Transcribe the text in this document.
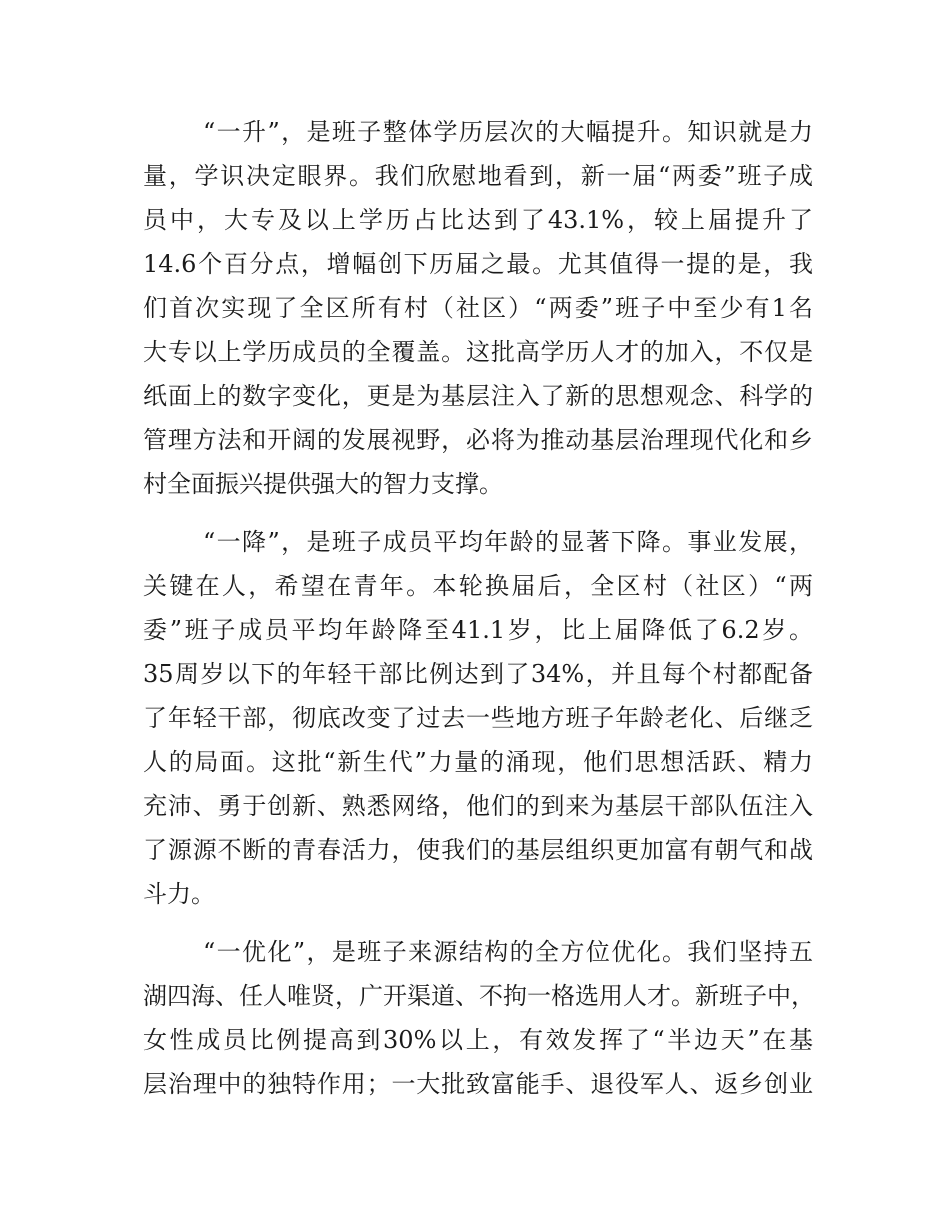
“一升”，是班子整体学历层次的大幅提升。知识就是力
量，学识决定眼界。我们欣慰地看到，新一届“两委”班子成
员中，大专及以上学历占比达到了43.1%，较上届提升了
14.6个百分点，增幅创下历届之最。尤其值得一提的是，我
们首次实现了全区所有村（社区）“两委”班子中至少有1名
大专以上学历成员的全覆盖。这批高学历人才的加入，不仅是
纸面上的数字变化，更是为基层注入了新的思想观念、科学的
管理方法和开阔的发展视野，必将为推动基层治理现代化和乡
村全面振兴提供强大的智力支撑。

“一降”，是班子成员平均年龄的显著下降。事业发展，
关键在人，希望在青年。本轮换届后，全区村（社区）“两
委”班子成员平均年龄降至41.1岁，比上届降低了6.2岁。
35周岁以下的年轻干部比例达到了34%，并且每个村都配备
了年轻干部，彻底改变了过去一些地方班子年龄老化、后继乏
人的局面。这批“新生代”力量的涌现，他们思想活跃、精力
充沛、勇于创新、熟悉网络，他们的到来为基层干部队伍注入
了源源不断的青春活力，使我们的基层组织更加富有朝气和战
斗力。

“一优化”，是班子来源结构的全方位优化。我们坚持五
湖四海、任人唯贤，广开渠道、不拘一格选用人才。新班子中，
女性成员比例提高到30%以上，有效发挥了“半边天”在基
层治理中的独特作用；一大批致富能手、退役军人、返乡创业
